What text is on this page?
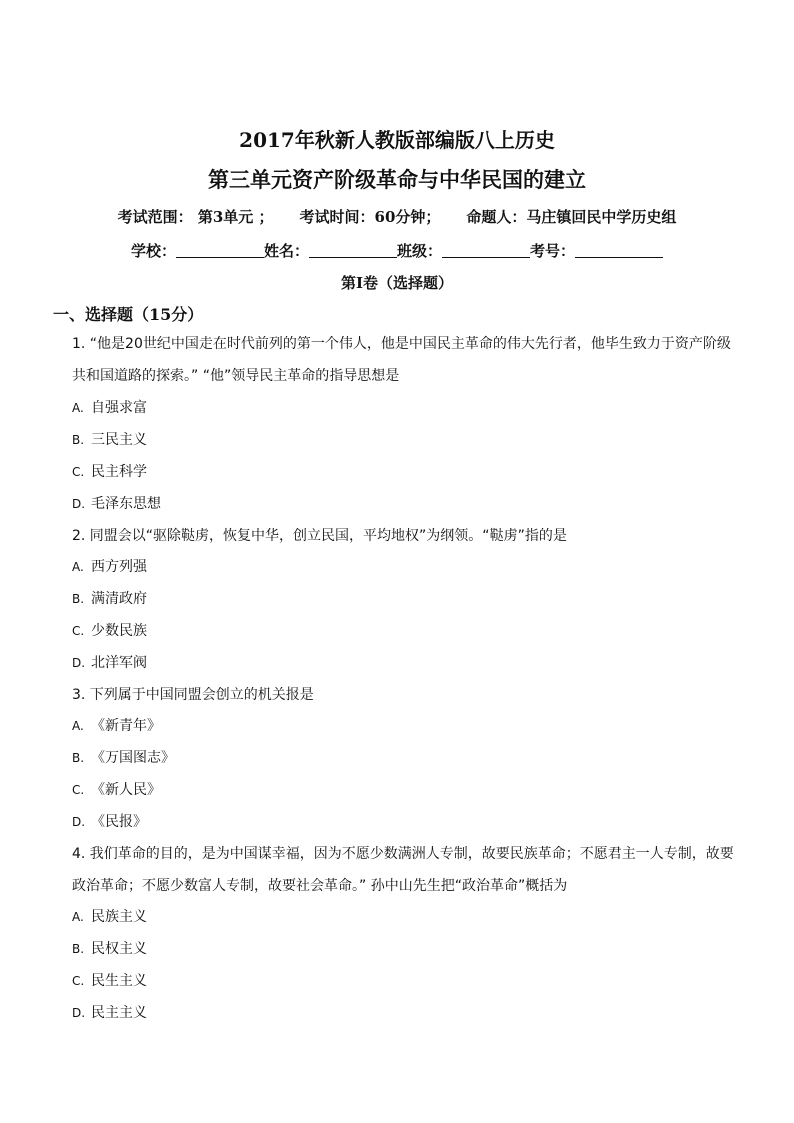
2017年秋新人教版部编版八上历史
第三单元资产阶级革命与中华民国的建立
考试范围： 第3单元 ； 考试时间：60分钟； 命题人：马庄镇回民中学历史组
学校：	姓名：	班级：	考号：
第I卷（选择题）
一、选择题（15分）
1. “他是20世纪中国走在时代前列的第一个伟人，他是中国民主革命的伟大先行者，他毕生致力于资产阶级共和国道路的探索。” “他”领导民主革命的指导思想是
A. 自强求富
B. 三民主义
C. 民主科学
D. 毛泽东思想
2. 同盟会以“驱除鞑虏，恢复中华，创立民国，平均地权”为纲领。“鞑虏”指的是
A. 西方列强
B. 满清政府
C. 少数民族
D. 北洋军阀
3. 下列属于中国同盟会创立的机关报是
A. 《新青年》
B. 《万国图志》
C. 《新人民》
D. 《民报》
4. 我们革命的目的，是为中国谋幸福，因为不愿少数满洲人专制，故要民族革命；不愿君主一人专制，故要政治革命；不愿少数富人专制，故要社会革命。” 孙中山先生把“政治革命”概括为
A. 民族主义
B. 民权主义
C. 民生主义
D. 民主主义
